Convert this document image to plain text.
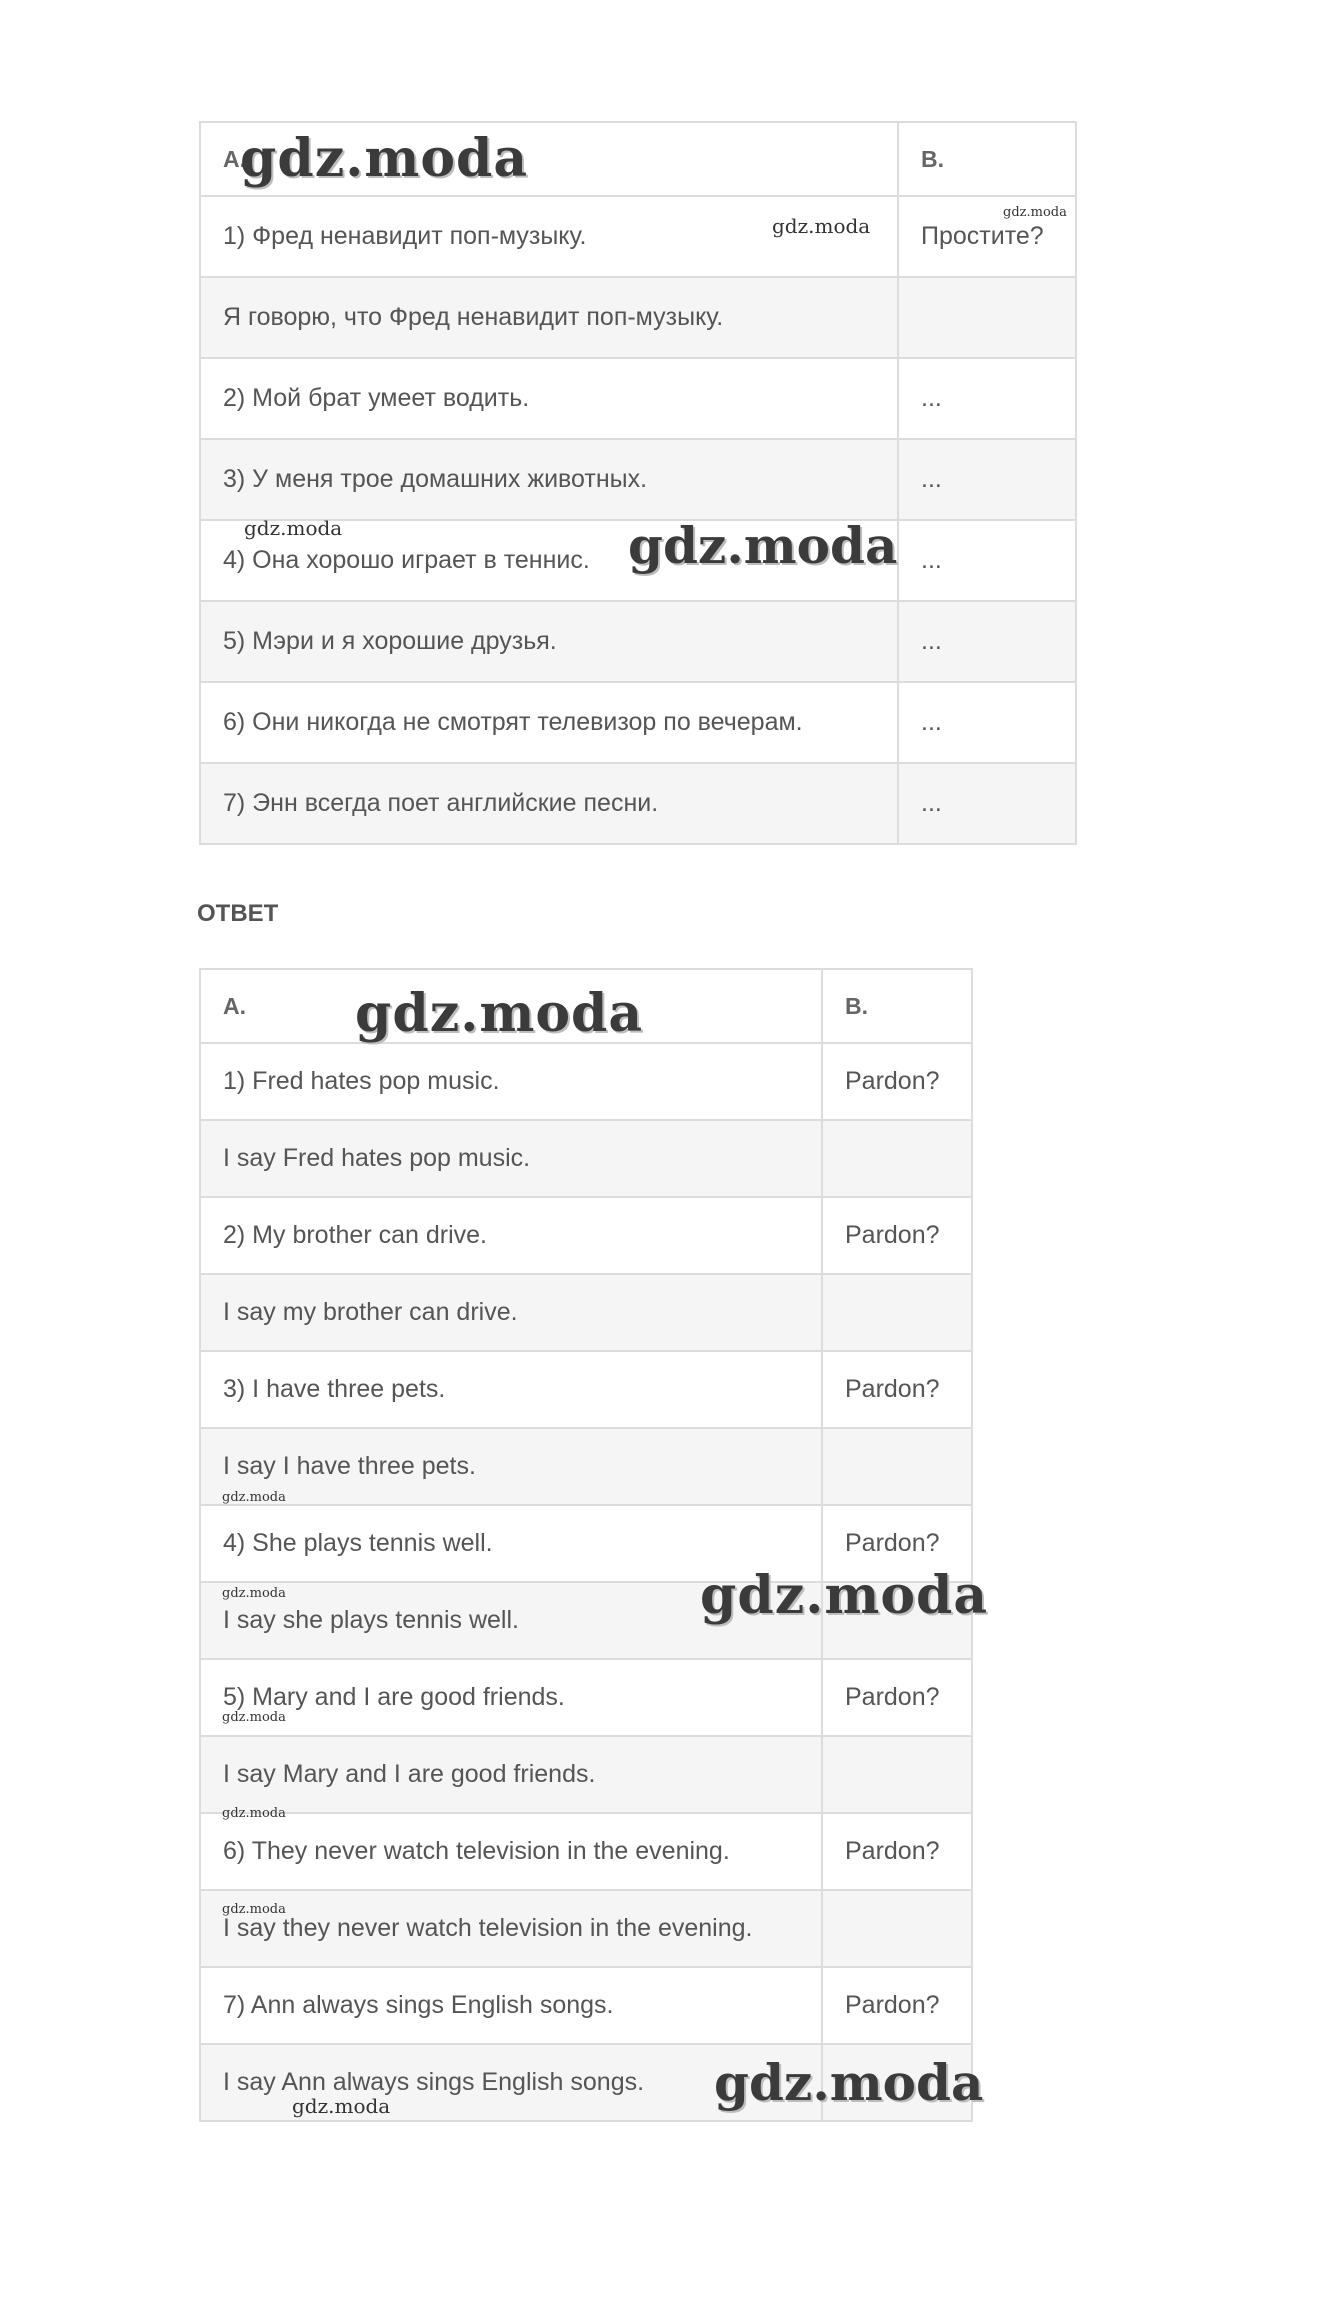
A.	B.
1) Фред ненавидит поп-музыку.	Простите?
Я говорю, что Фред ненавидит поп-музыку.	
2) Мой брат умеет водить.	...
3) У меня трое домашних животных.	...
4) Она хорошо играет в теннис.	...
5) Мэри и я хорошие друзья.	...
6) Они никогда не смотрят телевизор по вечерам.	...
7) Энн всегда поет английские песни.	...
ОТВЕТ
A.	B.
1) Fred hates pop music.	Pardon?
I say Fred hates pop music.	
2) My brother can drive.	Pardon?
I say my brother can drive.	
3) I have three pets.	Pardon?
I say I have three pets.	
4) She plays tennis well.	Pardon?
I say she plays tennis well.	
5) Mary and I are good friends.	Pardon?
I say Mary and I are good friends.	
6) They never watch television in the evening.	Pardon?
I say they never watch television in the evening.	
7) Ann always sings English songs.	Pardon?
I say Ann always sings English songs.	
gdz.moda
gdz.moda
gdz.moda
gdz.moda	gdz.moda
gdz.moda
gdz.moda
gdz.moda	gdz.moda
gdz.moda
gdz.moda
gdz.moda
gdz.moda
gdz.moda
